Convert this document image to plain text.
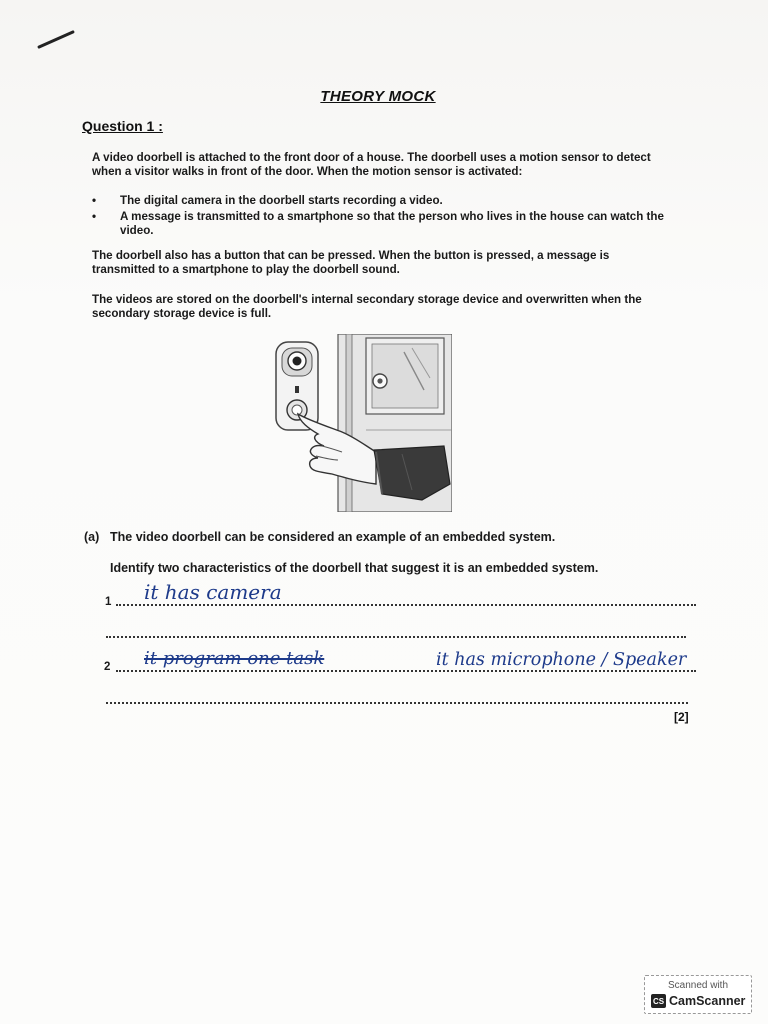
THEORY MOCK
Question 1 :
A video doorbell is attached to the front door of a house. The doorbell uses a motion sensor to detect when a visitor walks in front of the door. When the motion sensor is activated:
•	The digital camera in the doorbell starts recording a video.
•	A message is transmitted to a smartphone so that the person who lives in the house can watch the video.
The doorbell also has a button that can be pressed. When the button is pressed, a message is transmitted to a smartphone to play the doorbell sound.
The videos are stored on the doorbell's internal secondary storage device and overwritten when the secondary storage device is full.
(a) The video doorbell can be considered an example of an embedded system.
Identify two characteristics of the doorbell that suggest it is an embedded system.
1 it has camera
2 it program one task	it has microphone / Speaker
[2]
Scanned with
CS CamScanner
